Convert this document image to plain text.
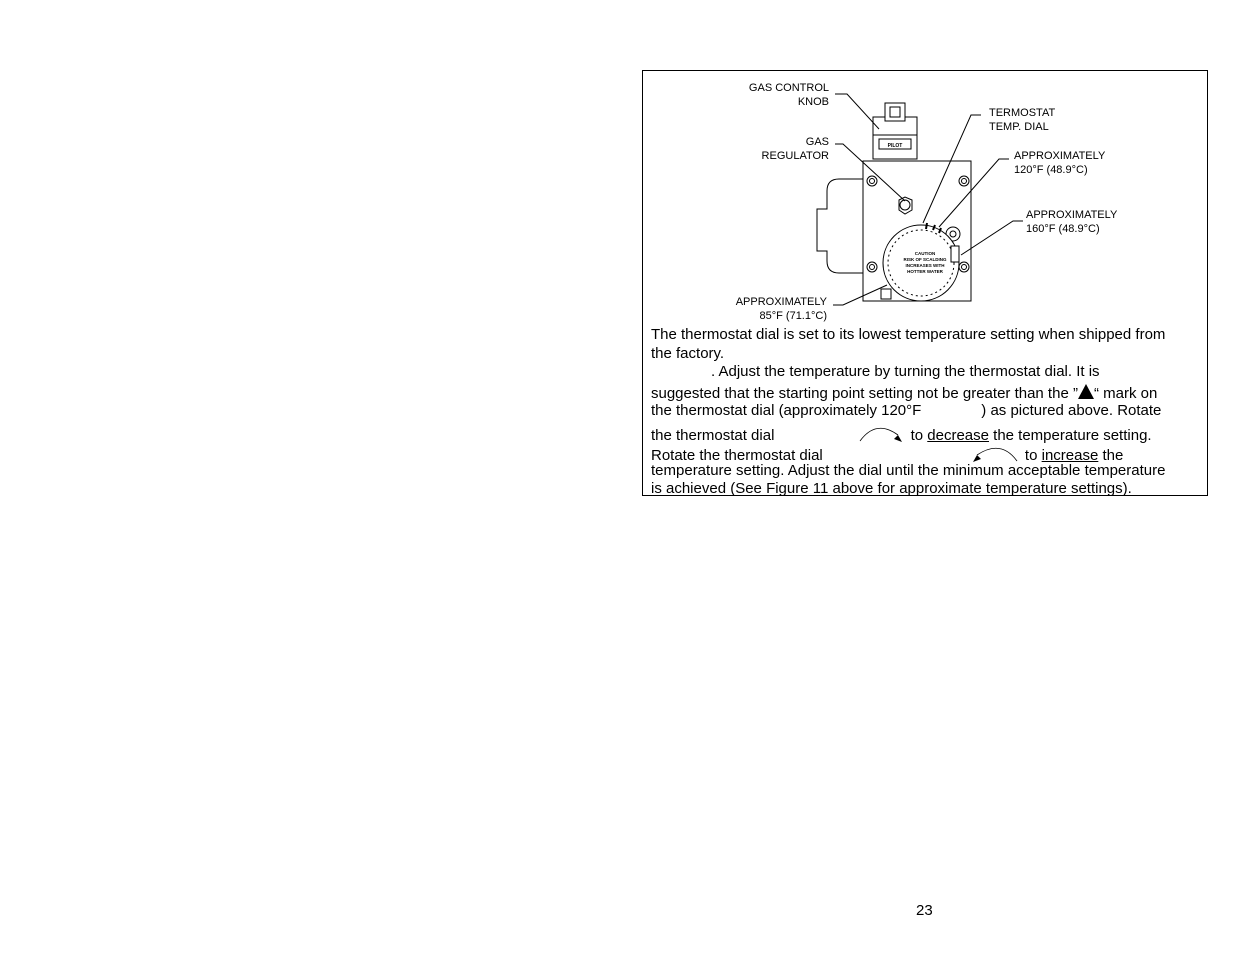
PILOT
CAUTION
RISK OF SCALDING
INCREASES WITH
HOTTER WATER
GAS CONTROL
KNOB
GAS
REGULATOR
TERMOSTAT
TEMP. DIAL
APPROXIMATELY
120°F (48.9°C)
APPROXIMATELY
160°F (48.9°C)
APPROXIMATELY
85°F (71.1°C)
The thermostat dial is set to its lowest temperature setting when shipped from
the factory.
. Adjust the temperature by turning the thermostat dial. It is
suggested that the starting point setting not be greater than the ” “ mark on
the thermostat dial (approximately 120°F	) as pictured above. Rotate
the thermostat dial	to decrease the temperature setting.
Rotate the thermostat dial	to increase the
temperature setting. Adjust the dial until the minimum acceptable temperature
is achieved (See Figure 11 above for approximate temperature settings).
23
